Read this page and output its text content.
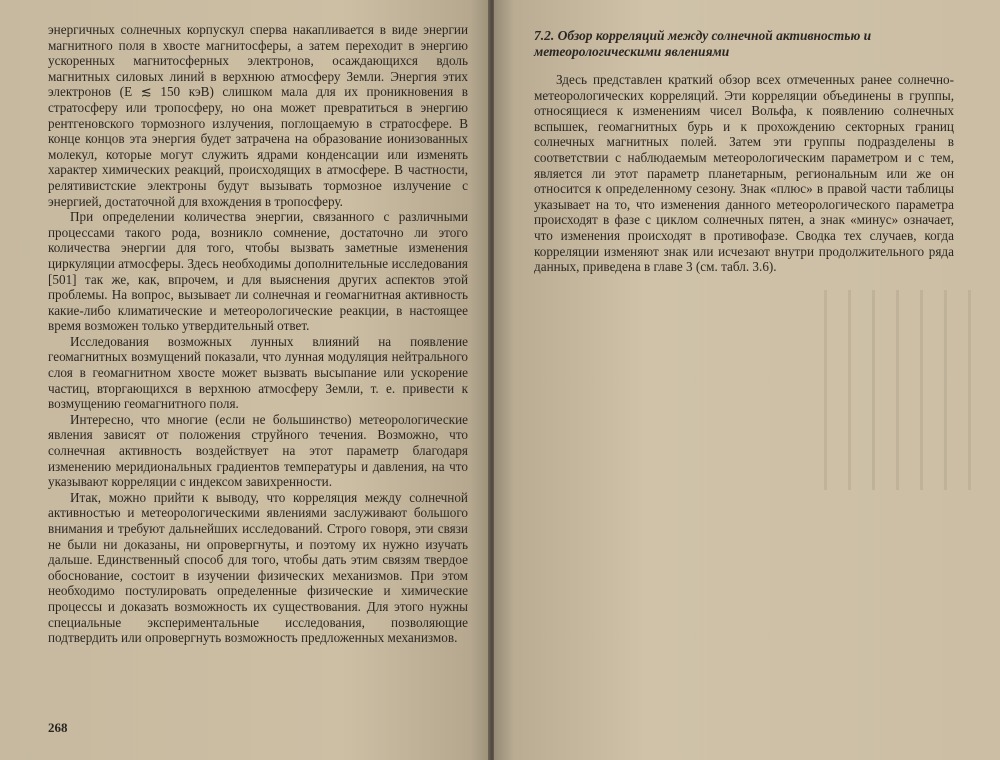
энергичных солнечных корпускул сперва накапливается в виде энергии магнитного поля в хвосте магнитосферы, а затем переходит в энергию ускоренных магнитосферных электронов, осаждающихся вдоль магнитных силовых линий в верхнюю атмосферу Земли. Энергия этих электронов (E ≲ 150 кэВ) слишком мала для их проникновения в стратосферу или тропосферу, но она может превратиться в энергию рентгеновского тормозного излучения, поглощаемую в стратосфере. В конце концов эта энергия будет затрачена на образование ионизованных молекул, которые могут служить ядрами конденсации или изменять характер химических реакций, происходящих в атмосфере. В частности, релятивистские электроны будут вызывать тормозное излучение с энергией, достаточной для вхождения в тропосферу.

При определении количества энергии, связанного с различными процессами такого рода, возникло сомнение, достаточно ли этого количества энергии для того, чтобы вызвать заметные изменения циркуляции атмосферы. Здесь необходимы дополнительные исследования [501] так же, как, впрочем, и для выяснения других аспектов этой проблемы. На вопрос, вызывает ли солнечная и геомагнитная активность какие-либо климатические и метеорологические реакции, в настоящее время возможен только утвердительный ответ.

Исследования возможных лунных влияний на появление геомагнитных возмущений показали, что лунная модуляция нейтрального слоя в геомагнитном хвосте может вызвать высыпание или ускорение частиц, вторгающихся в верхнюю атмосферу Земли, т. е. привести к возмущению геомагнитного поля.

Интересно, что многие (если не большинство) метеорологические явления зависят от положения струйного течения. Возможно, что солнечная активность воздействует на этот параметр благодаря изменению меридиональных градиентов температуры и давления, на что указывают корреляции с индексом завихренности.

Итак, можно прийти к выводу, что корреляция между солнечной активностью и метеорологическими явлениями заслуживают большого внимания и требуют дальнейших исследований. Строго говоря, эти связи не были ни доказаны, ни опровергнуты, и поэтому их нужно изучать дальше. Единственный способ для того, чтобы дать этим связям твердое обоснование, состоит в изучении физических механизмов. При этом необходимо постулировать определенные физические и химические процессы и доказать возможность их существования. Для этого нужны специальные экспериментальные исследования, позволяющие подтвердить или опровергнуть возможность предложенных механизмов.

268
7.2. Обзор корреляций между солнечной активностью и метеорологическими явлениями

Здесь представлен краткий обзор всех отмеченных ранее солнечно-метеорологических корреляций. Эти корреляции объединены в группы, относящиеся к изменениям чисел Вольфа, к появлению солнечных вспышек, геомагнитных бурь и к прохождению секторных границ солнечных магнитных полей. Затем эти группы подразделены в соответствии с наблюдаемым метеорологическим параметром и с тем, является ли этот параметр планетарным, региональным или же он относится к определенному сезону. Знак «плюс» в правой части таблицы указывает на то, что изменения данного метеорологического параметра происходят в фазе с циклом солнечных пятен, а знак «минус» означает, что изменения происходят в противофазе. Сводка тех случаев, когда корреляции изменяют знак или исчезают внутри продолжительного ряда данных, приведена в главе 3 (см. табл. 3.6).
